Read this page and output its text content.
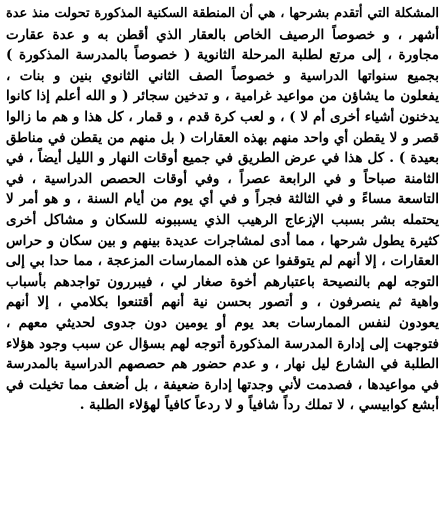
المشكلة التي أتقدم بشرحها ، هي أن المنطقة السكنية المذكورة تحولت منذ عدة
أشهر ، و خصوصاً الرصيف الخاص بالعقار الذي أقطن به و عدة عقارت
مجاورة ، إلى مرتع لطلبة المرحلة الثانوية ( خصوصاً بالمدرسة المذكورة )
بجميع سنواتها الدراسية و خصوصاً الصف الثاني الثانوي بنين و بنات ،
يفعلون ما يشاؤن من مواعيد غرامية ، و تدخين سجائر ( و الله أعلم إذا كانوا
يدخنون أشياء أخرى أم لا ) ، و لعب كرة قدم ، و قمار ، كل هذا و هم ما زالوا
قصر و لا يقطن أي واحد منهم بهذه العقارات ( بل منهم من يقطن في مناطق
بعيدة ) . كل هذا في عرض الطريق في جميع أوقات النهار و الليل أيضاً ، في
الثامنة صباحاً و في الرابعة عصراً ، وفي أوقات الحصص الدراسية ، في
التاسعة مساءً و في الثالثة فجراً و في أي يوم من أيام السنة ، و هو أمر لا
يحتمله بشر بسبب الإزعاج الرهيب الذي يسببونه للسكان و مشاكل أخرى
كثيرة يطول شرحها ، مما أدى لمشاجرات عديدة بينهم و بين سكان و حراس
العقارات ، إلا أنهم لم يتوقفوا عن هذه الممارسات المزعجة ، مما حدا بي إلى
التوجه لهم بالنصيحة باعتبارهم أخوة صغار لي ، فيبررون تواجدهم بأسباب
واهية ثم ينصرفون ، و أتصور بحسن نية أنهم أقتنعوا بكلامي ، إلا أنهم
يعودون لنفس الممارسات بعد يوم أو يومين دون جدوى لحديثي معهم ،
فتوجهت إلى إدارة المدرسة المذكورة أتوجه لهم بسؤال عن سبب وجود هؤلاء
الطلبة في الشارع ليل نهار ، و عدم حضور هم حصصهم الدراسية بالمدرسة
في مواعيدها ، فصدمت لأني وجدتها إدارة ضعيفة ، بل أضعف مما تخيلت في
أبشع كوابيسي ، لا تملك رداً شافياً و لا ردعاً كافياً لهؤلاء الطلبة .
